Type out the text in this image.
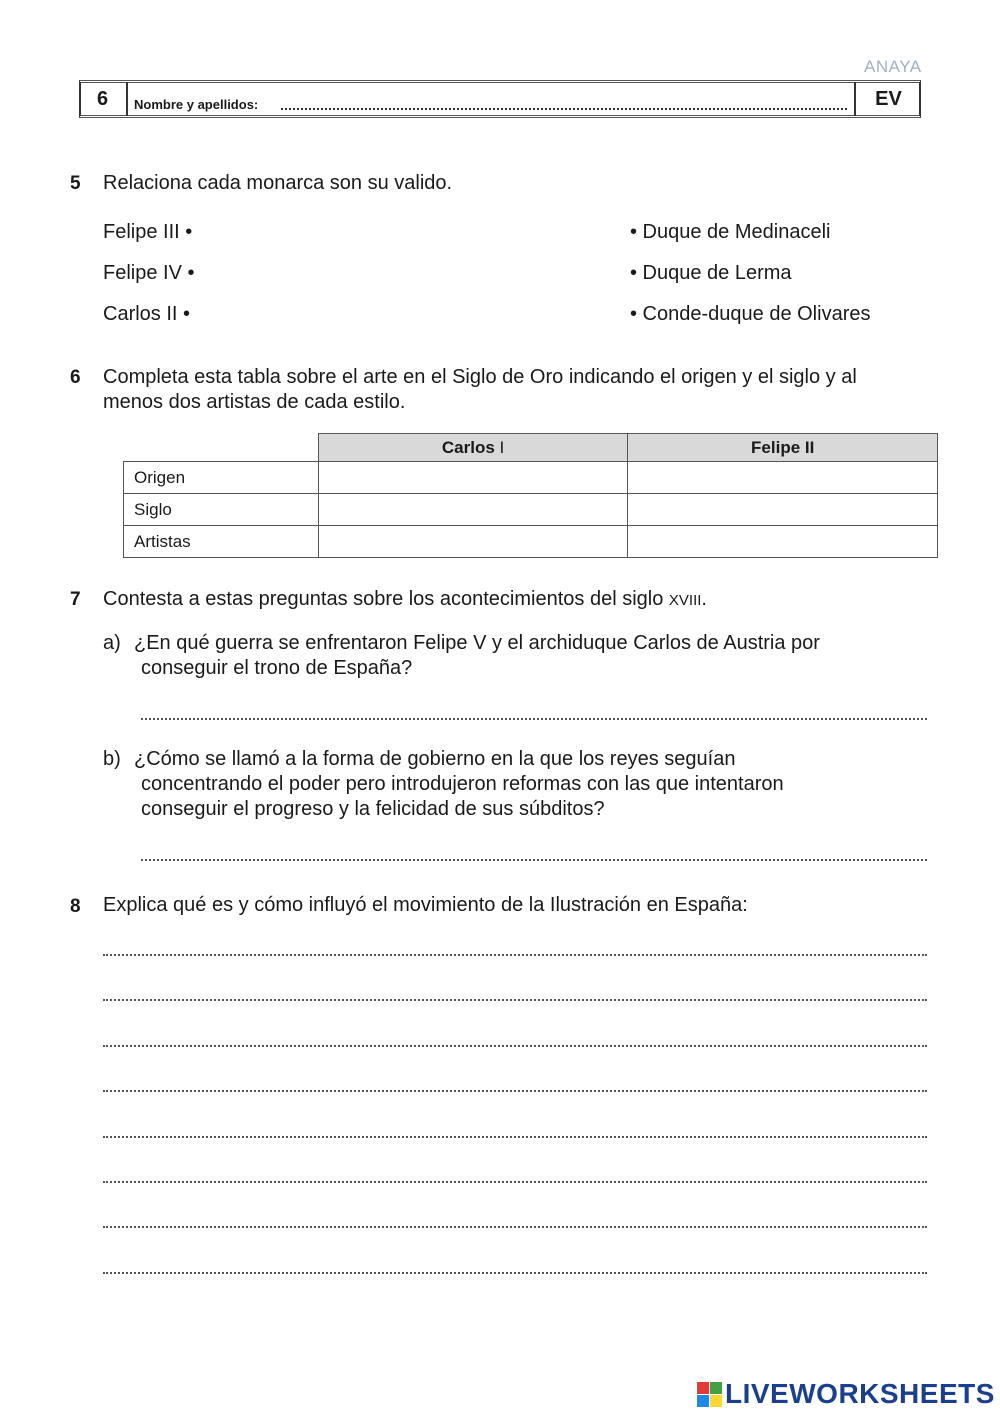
ANAYA
6	Nombre y apellidos:	EV
5 Relaciona cada monarca son su valido.
Felipe III •
Felipe IV •
Carlos II •
• Duque de Medinaceli
• Duque de Lerma
• Conde-duque de Olivares
6 Completa esta tabla sobre el arte en el Siglo de Oro indicando el origen y el siglo y al
menos dos artistas de cada estilo.
	Carlos I	Felipe II
Origen		
Siglo		
Artistas		
7 Contesta a estas preguntas sobre los acontecimientos del siglo XVIII.
a) ¿En qué guerra se enfrentaron Felipe V y el archiduque Carlos de Austria por
conseguir el trono de España?
b) ¿Cómo se llamó a la forma de gobierno en la que los reyes seguían
concentrando el poder pero introdujeron reformas con las que intentaron
conseguir el progreso y la felicidad de sus súbditos?
8 Explica qué es y cómo influyó el movimiento de la Ilustración en España:
LIVEWORKSHEETS
